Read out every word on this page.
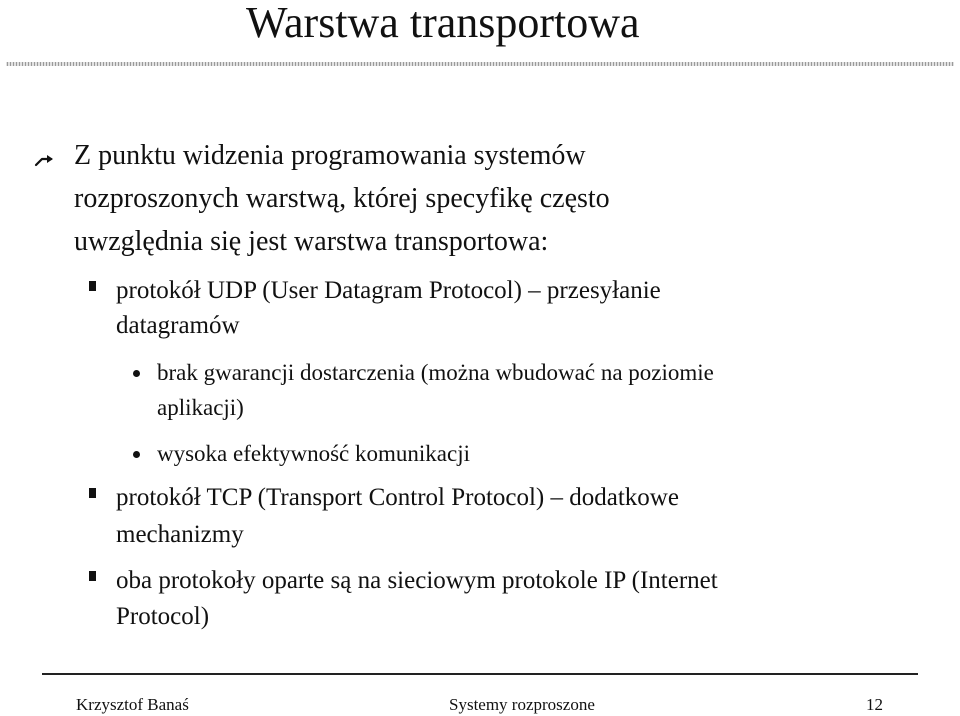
Warstwa transportowa
Z punktu widzenia programowania systemów
rozproszonych warstwą, której specyfikę często
uwzględnia się jest warstwa transportowa:
protokół UDP (User Datagram Protocol) – przesyłanie
datagramów
brak gwarancji dostarczenia (można wbudować na poziomie
aplikacji)
wysoka efektywność komunikacji
protokół TCP (Transport Control Protocol) – dodatkowe
mechanizmy
oba protokoły oparte są na sieciowym protokole IP (Internet
Protocol)
Krzysztof Banaś	Systemy rozproszone	12
